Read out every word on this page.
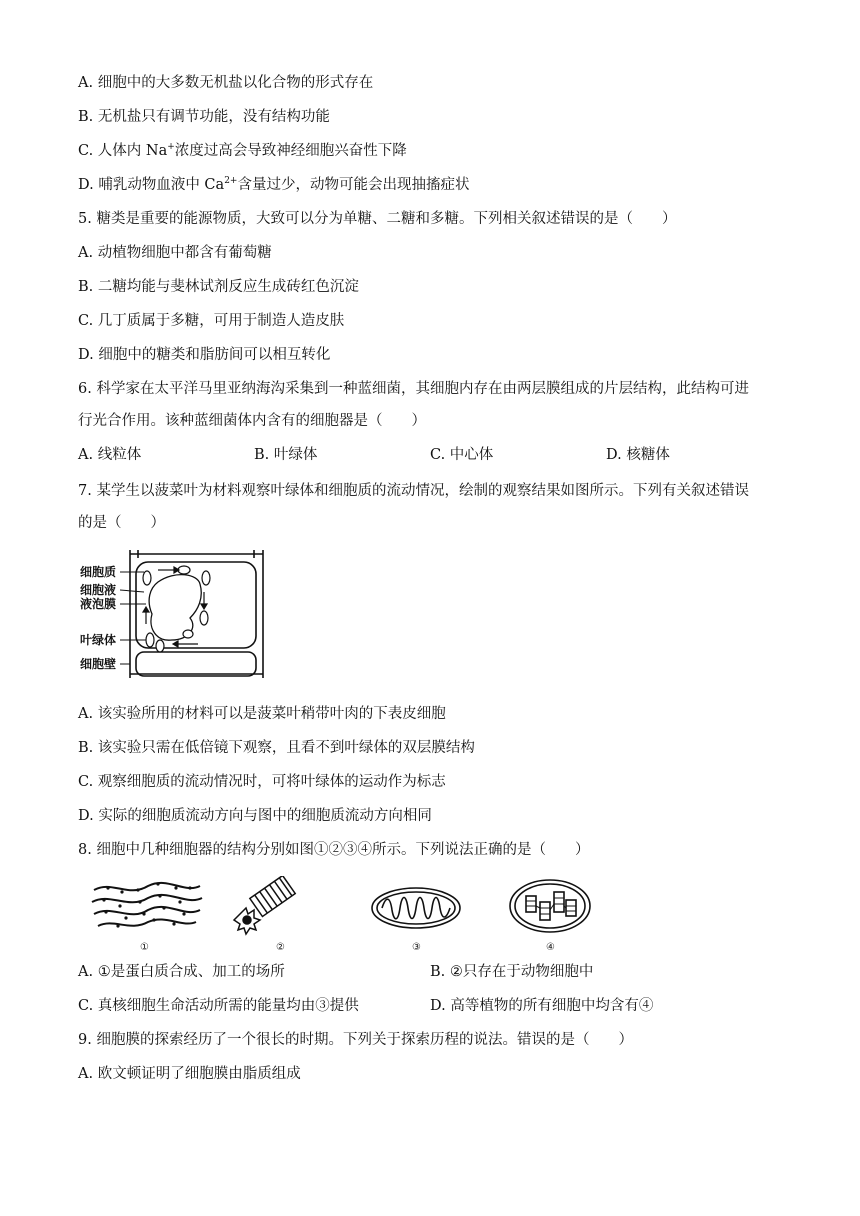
A. 细胞中的大多数无机盐以化合物的形式存在
B. 无机盐只有调节功能，没有结构功能
C. 人体内 Na+浓度过高会导致神经细胞兴奋性下降
D. 哺乳动物血液中 $Ca^{2+}$含量过少，动物可能会出现抽搐症状
5. 糖类是重要的能源物质，大致可以分为单糖、二糖和多糖。下列相关叙述错误的是（　　）
A. 动植物细胞中都含有葡萄糖
B. 二糖均能与斐林试剂反应生成砖红色沉淀
C. 几丁质属于多糖，可用于制造人造皮肤
D. 细胞中的糖类和脂肪间可以相互转化
6. 科学家在太平洋马里亚纳海沟采集到一种蓝细菌，其细胞内存在由两层膜组成的片层结构，此结构可进
行光合作用。该种蓝细菌体内含有的细胞器是（　　）
A. 线粒体	B. 叶绿体	C. 中心体	D. 核糖体
7. 某学生以菠菜叶为材料观察叶绿体和细胞质的流动情况，绘制的观察结果如图所示。下列有关叙述错误
的是（　　）
细胞质
细胞液
液泡膜
叶绿体
细胞壁
A. 该实验所用的材料可以是菠菜叶稍带叶肉的下表皮细胞
B. 该实验只需在低倍镜下观察，且看不到叶绿体的双层膜结构
C. 观察细胞质的流动情况时，可将叶绿体的运动作为标志
D. 实际的细胞质流动方向与图中的细胞质流动方向相同
8. 细胞中几种细胞器的结构分别如图①②③④所示。下列说法正确的是（　　）
①	②	③	④
A. ①是蛋白质合成、加工的场所	B. ②只存在于动物细胞中
C. 真核细胞生命活动所需的能量均由③提供	D. 高等植物的所有细胞中均含有④
9. 细胞膜的探索经历了一个很长的时期。下列关于探索历程的说法。错误的是（　　）
A. 欧文顿证明了细胞膜由脂质组成
